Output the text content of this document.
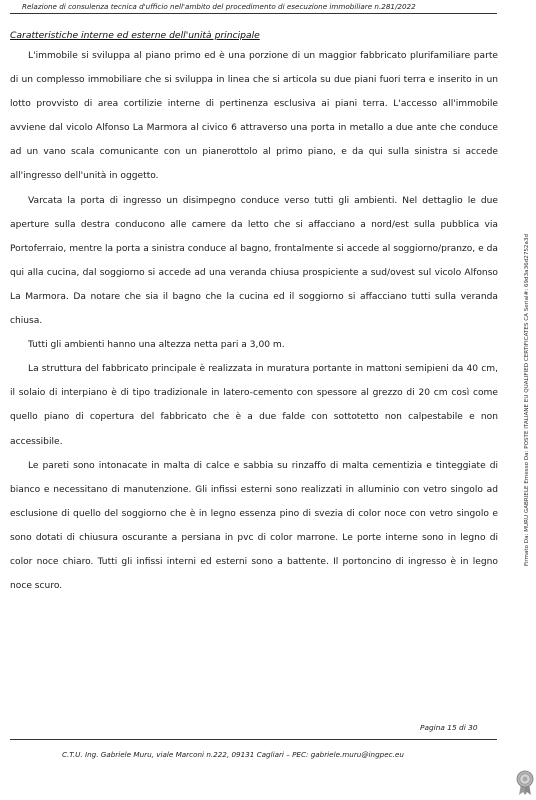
Relazione di consulenza tecnica d'ufficio nell'ambito del procedimento di esecuzione immobiliare n.281/2022
Caratteristiche interne ed esterne dell'unità principale

L'immobile si sviluppa al piano primo ed è una porzione di un maggior fabbricato plurifamiliare parte di un complesso immobiliare che si sviluppa in linea che si articola su due piani fuori terra e inserito in un lotto provvisto di area cortilizie interne di pertinenza esclusiva ai piani terra. L'accesso all'immobile avviene dal vicolo Alfonso La Marmora al civico 6 attraverso una porta in metallo a due ante che conduce ad un vano scala comunicante con un pianerottolo al primo piano, e da qui sulla sinistra si accede all'ingresso dell'unità in oggetto.

Varcata la porta di ingresso un disimpegno conduce verso tutti gli ambienti. Nel dettaglio le due aperture sulla destra conducono alle camere da letto che si affacciano a nord/est sulla pubblica via Portoferraio, mentre la porta a sinistra conduce al bagno, frontalmente si accede al soggiorno/pranzo, e da qui alla cucina, dal soggiorno si accede ad una veranda chiusa prospiciente a sud/ovest sul vicolo Alfonso La Marmora. Da notare che sia il bagno che la cucina ed il soggiorno si affacciano tutti sulla veranda chiusa.

Tutti gli ambienti hanno una altezza netta pari a 3,00 m.

La struttura del fabbricato principale è realizzata in muratura portante in mattoni semipieni da 40 cm, il solaio di interpiano è di tipo tradizionale in latero-cemento con spessore al grezzo di 20 cm così come quello piano di copertura del fabbricato che è a due falde con sottotetto non calpestabile e non accessibile.

Le pareti sono intonacate in malta di calce e sabbia su rinzaffo di malta cementizia e tinteggiate di bianco e necessitano di manutenzione. Gli infissi esterni sono realizzati in alluminio con vetro singolo ad esclusione di quello del soggiorno che è in legno essenza pino di svezia di color noce con vetro singolo e sono dotati di chiusura oscurante a persiana in pvc di color marrone. Le porte interne sono in legno di color noce chiaro. Tutti gli infissi interni ed esterni sono a battente. Il portoncino di ingresso è in legno noce scuro.

Pagina 15 di 30
C.T.U. Ing. Gabriele Muru, viale Marconi n.222, 09131 Cagliari – PEC: gabriele.muru@ingpec.eu
Firmato Da: MURU GABRIELE Emesso Da: POSTE ITALIANE EU QUALIFIED CERTIFICATES CA Serial#: 69d3a36d2752a3d
